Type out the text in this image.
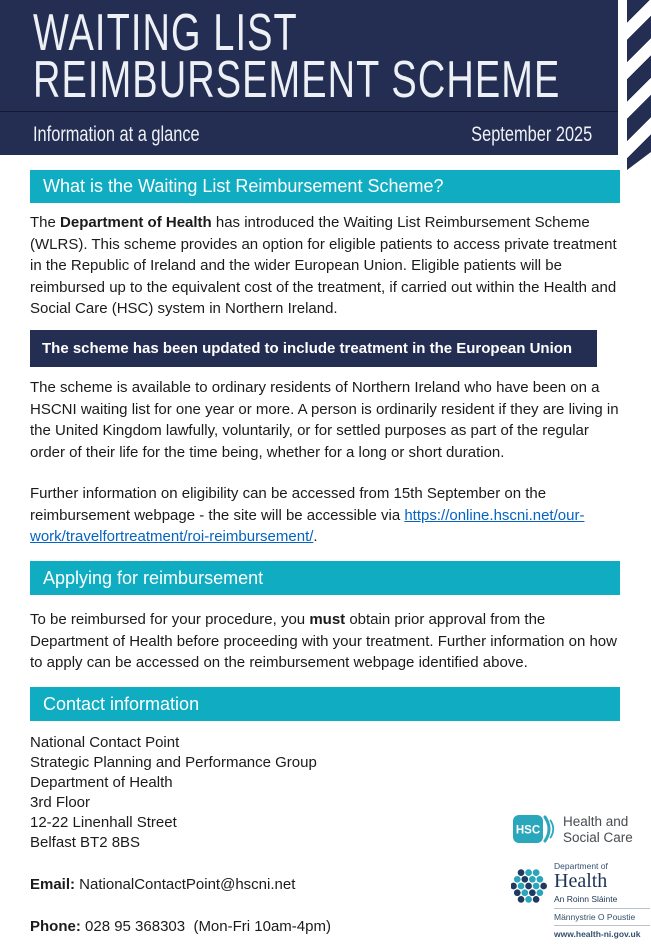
WAITING LIST
REIMBURSEMENT SCHEME
Information at a glance	September 2025
What is the Waiting List Reimbursement Scheme?
The Department of Health has introduced the Waiting List Reimbursement Scheme (WLRS). This scheme provides an option for eligible patients to access private treatment in the Republic of Ireland and the wider European Union. Eligible patients will be reimbursed up to the equivalent cost of the treatment, if carried out within the Health and Social Care (HSC) system in Northern Ireland.
The scheme has been updated to include treatment in the European Union
The scheme is available to ordinary residents of Northern Ireland who have been on a HSCNI waiting list for one year or more. A person is ordinarily resident if they are living in the United Kingdom lawfully, voluntarily, or for settled purposes as part of the regular order of their life for the time being, whether for a long or short duration.
Further information on eligibility can be accessed from 15th September on the reimbursement webpage - the site will be accessible via https://online.hscni.net/our-work/travelfortreatment/roi-reimbursement/.
Applying for reimbursement
To be reimbursed for your procedure, you must obtain prior approval from the Department of Health before proceeding with your treatment. Further information on how to apply can be accessed on the reimbursement webpage identified above.
Contact information
National Contact Point
Strategic Planning and Performance Group
Department of Health
3rd Floor
12-22 Linenhall Street
Belfast BT2 8BS
Email: NationalContactPoint@hscni.net
Phone: 028 95 368303  (Mon-Fri 10am-4pm)
HSC
Health and
Social Care
Department of
Health
An Roinn Sláinte
Männystrie O Poustie
www.health-ni.gov.uk
